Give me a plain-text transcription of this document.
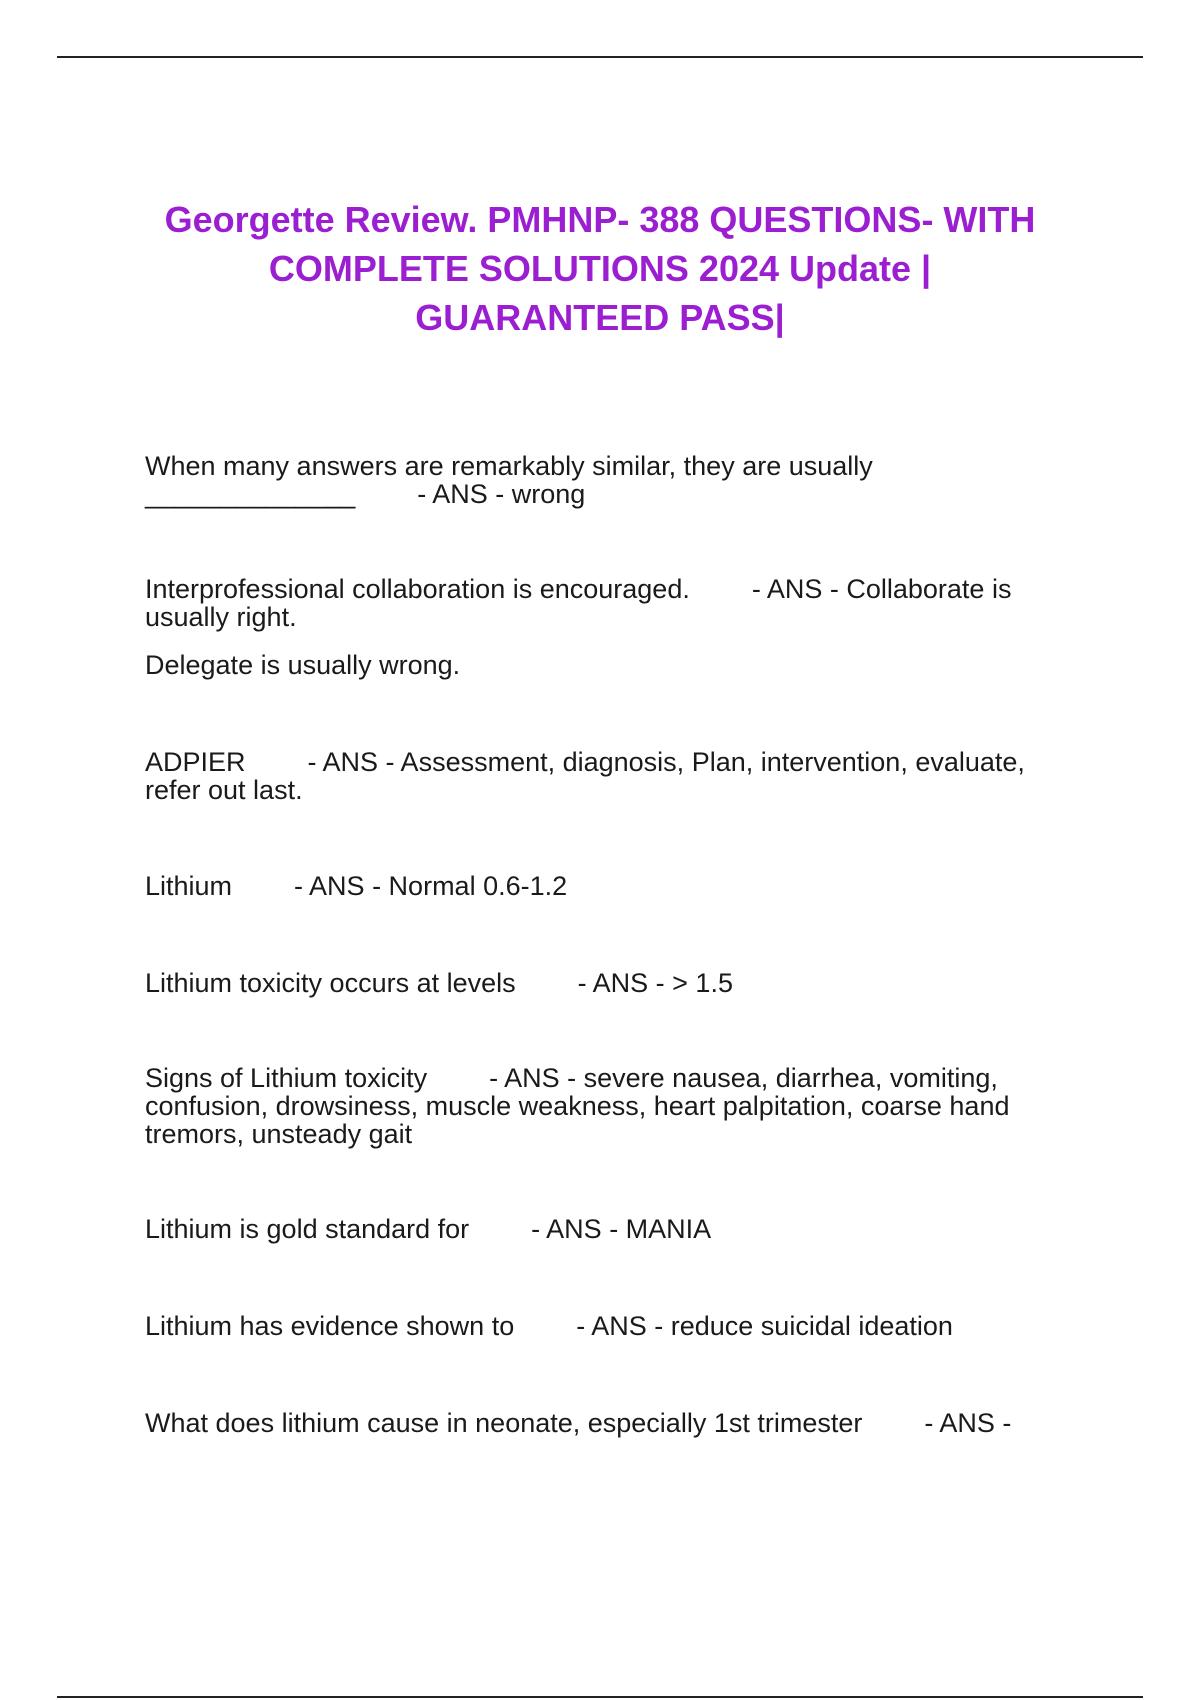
Georgette Review. PMHNP- 388 QUESTIONS- WITH
COMPLETE SOLUTIONS 2024 Update |
GUARANTEED PASS|

When many answers are remarkably similar, they are usually ______________ - ANS - wrong

Interprofessional collaboration is encouraged. - ANS - Collaborate is usually right.
Delegate is usually wrong.

ADPIER - ANS - Assessment, diagnosis, Plan, intervention, evaluate, refer out last.

Lithium - ANS - Normal 0.6-1.2

Lithium toxicity occurs at levels - ANS - > 1.5

Signs of Lithium toxicity - ANS - severe nausea, diarrhea, vomiting, confusion, drowsiness, muscle weakness, heart palpitation, coarse hand tremors, unsteady gait

Lithium is gold standard for - ANS - MANIA

Lithium has evidence shown to - ANS - reduce suicidal ideation

What does lithium cause in neonate, especially 1st trimester - ANS -
